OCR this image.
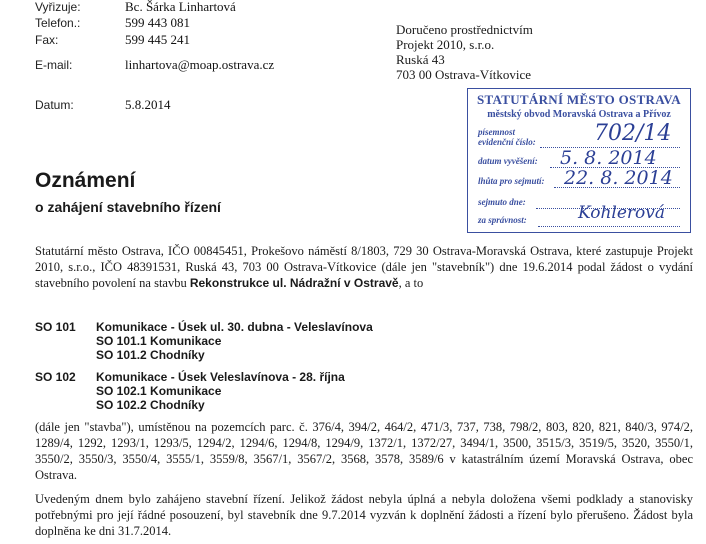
Vyřizuje:	Bc. Šárka Linhartová
Telefon.:	599 443 081
Fax:	599 445 241
E-mail:	linhartova@moap.ostrava.cz
Datum:	5.8.2014
Doručeno prostřednictvím
Projekt 2010, s.r.o.
Ruská 43
703 00 Ostrava-Vítkovice
STATUTÁRNÍ MĚSTO OSTRAVA
městský obvod Moravská Ostrava a Přívoz
písemnost evidenční číslo:	702/14
datum vyvěšení: 5. 8. 2014
lhůta pro sejmutí: 22. 8. 2014
sejmuto dne:
za správnost:	Kohlerová
Oznámení
o zahájení stavebního řízení
Statutární město Ostrava, IČO 00845451, Prokešovo náměstí 8/1803, 729 30 Ostrava-Moravská Ostrava, které zastupuje Projekt 2010, s.r.o., IČO 48391531, Ruská 43, 703 00 Ostrava-Vítkovice (dále jen "stavebník") dne 19.6.2014 podal žádost o vydání stavebního povolení na stavbu Rekonstrukce ul. Nádražní v Ostravě, a to
SO 101 Komunikace - Úsek ul. 30. dubna - Veleslavínova
SO 101.1 Komunikace
SO 101.2 Chodníky
SO 102 Komunikace - Úsek Veleslavínova - 28. října
SO 102.1 Komunikace
SO 102.2 Chodníky
(dále jen "stavba"), umístěnou na pozemcích parc. č. 376/4, 394/2, 464/2, 471/3, 737, 738, 798/2, 803, 820, 821, 840/3, 974/2, 1289/4, 1292, 1293/1, 1293/5, 1294/2, 1294/6, 1294/8, 1294/9, 1372/1, 1372/27, 3494/1, 3500, 3515/3, 3519/5, 3520, 3550/1, 3550/2, 3550/3, 3550/4, 3555/1, 3559/8, 3567/1, 3567/2, 3568, 3578, 3589/6 v katastrálním území Moravská Ostrava, obec Ostrava.
Uvedeným dnem bylo zahájeno stavební řízení. Jelikož žádost nebyla úplná a nebyla doložena všemi podklady a stanovisky potřebnými pro její řádné posouzení, byl stavebník dne 9.7.2014 vyzván k doplnění žádosti a řízení bylo přerušeno. Žádost byla doplněna ke dni 31.7.2014.
